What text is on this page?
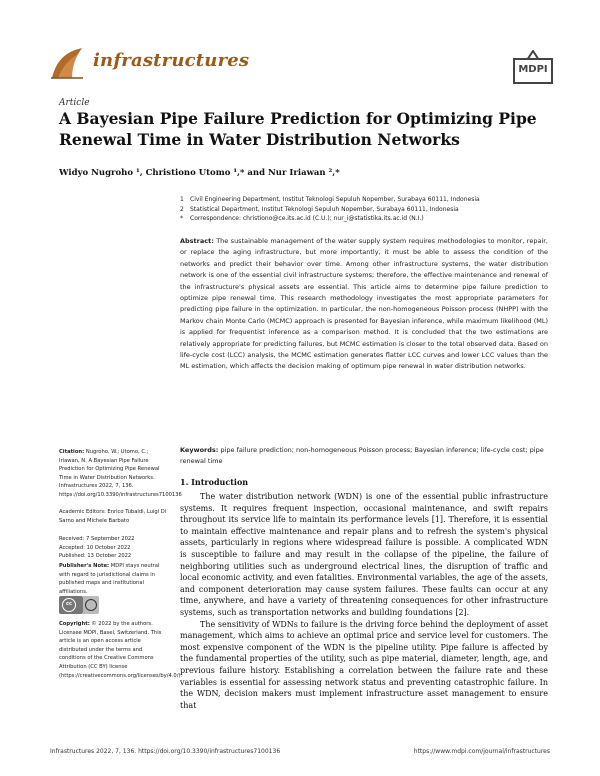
infrastructures	MDPI
Article
A Bayesian Pipe Failure Prediction for Optimizing Pipe Renewal Time in Water Distribution Networks
Widyo Nugroho ¹, Christiono Utomo ¹,* and Nur Iriawan ²,*
1 Civil Engineering Department, Institut Teknologi Sepuluh Nopember, Surabaya 60111, Indonesia
2 Statistical Department, Institut Teknologi Sepuluh Nopember, Surabaya 60111, Indonesia
* Correspondence: christiono@ce.its.ac.id (C.U.); nur_i@statistika.its.ac.id (N.I.)

Abstract: The sustainable management of the water supply system requires methodologies to monitor, repair, or replace the aging infrastructure, but more importantly, it must be able to assess the condition of the networks and predict their behavior over time. Among other infrastructure systems, the water distribution network is one of the essential civil infrastructure systems; therefore, the effective maintenance and renewal of the infrastructure's physical assets are essential. This article aims to determine pipe failure prediction to optimize pipe renewal time. This research methodology investigates the most appropriate parameters for predicting pipe failure in the optimization. In particular, the non-homogeneous Poisson process (NHPP) with the Markov chain Monte Carlo (MCMC) approach is presented for Bayesian inference, while maximum likelihood (ML) is applied for frequentist inference as a comparison method. It is concluded that the two estimations are relatively appropriate for predicting failures, but MCMC estimation is closer to the total observed data. Based on life-cycle cost (LCC) analysis, the MCMC estimation generates flatter LCC curves and lower LCC values than the ML estimation, which affects the decision making of optimum pipe renewal in water distribution networks.

Keywords: pipe failure prediction; non-homogeneous Poisson process; Bayesian inference; life-cycle cost; pipe renewal time

Citation: Nugroho, W.; Utomo, C.; Iriawan, N. A Bayesian Pipe Failure Prediction for Optimizing Pipe Renewal Time in Water Distribution Networks. Infrastructures 2022, 7, 136. https://doi.org/10.3390/infrastructures7100136

Academic Editors: Enrico Tubaldi, Luigi Di Sarno and Michele Barbato

Received: 7 September 2022

Accepted: 10 October 2022

Published: 13 October 2022

Publisher's Note: MDPI stays neutral with regard to jurisdictional claims in published maps and institutional affiliations.

cc

Copyright: © 2022 by the authors. Licensee MDPI, Basel, Switzerland. This article is an open access article distributed under the terms and conditions of the Creative Commons Attribution (CC BY) license (https://creativecommons.org/licenses/by/4.0/).

1. Introduction

The water distribution network (WDN) is one of the essential public infrastructure systems. It requires frequent inspection, occasional maintenance, and swift repairs throughout its service life to maintain its performance levels [1]. Therefore, it is essential to maintain effective maintenance and repair plans and to refresh the system's physical assets, particularly in regions where widespread failure is possible. A complicated WDN is susceptible to failure and may result in the collapse of the pipeline, the failure of neighboring utilities such as underground electrical lines, the disruption of traffic and local economic activity, and even fatalities. Environmental variables, the age of the assets, and component deterioration may cause system failures. These faults can occur at any time, anywhere, and have a variety of threatening consequences for other infrastructure systems, such as transportation networks and building foundations [2].

The sensitivity of WDNs to failure is the driving force behind the deployment of asset management, which aims to achieve an optimal price and service level for customers. The most expensive component of the WDN is the pipeline utility. Pipe failure is affected by the fundamental properties of the utility, such as pipe material, diameter, length, age, and previous failure history. Establishing a correlation between the failure rate and these variables is essential for assessing network status and preventing catastrophic failure. In the WDN, decision makers must implement infrastructure asset management to ensure that

Infrastructures 2022, 7, 136. https://doi.org/10.3390/infrastructures7100136	https://www.mdpi.com/journal/infrastructures
